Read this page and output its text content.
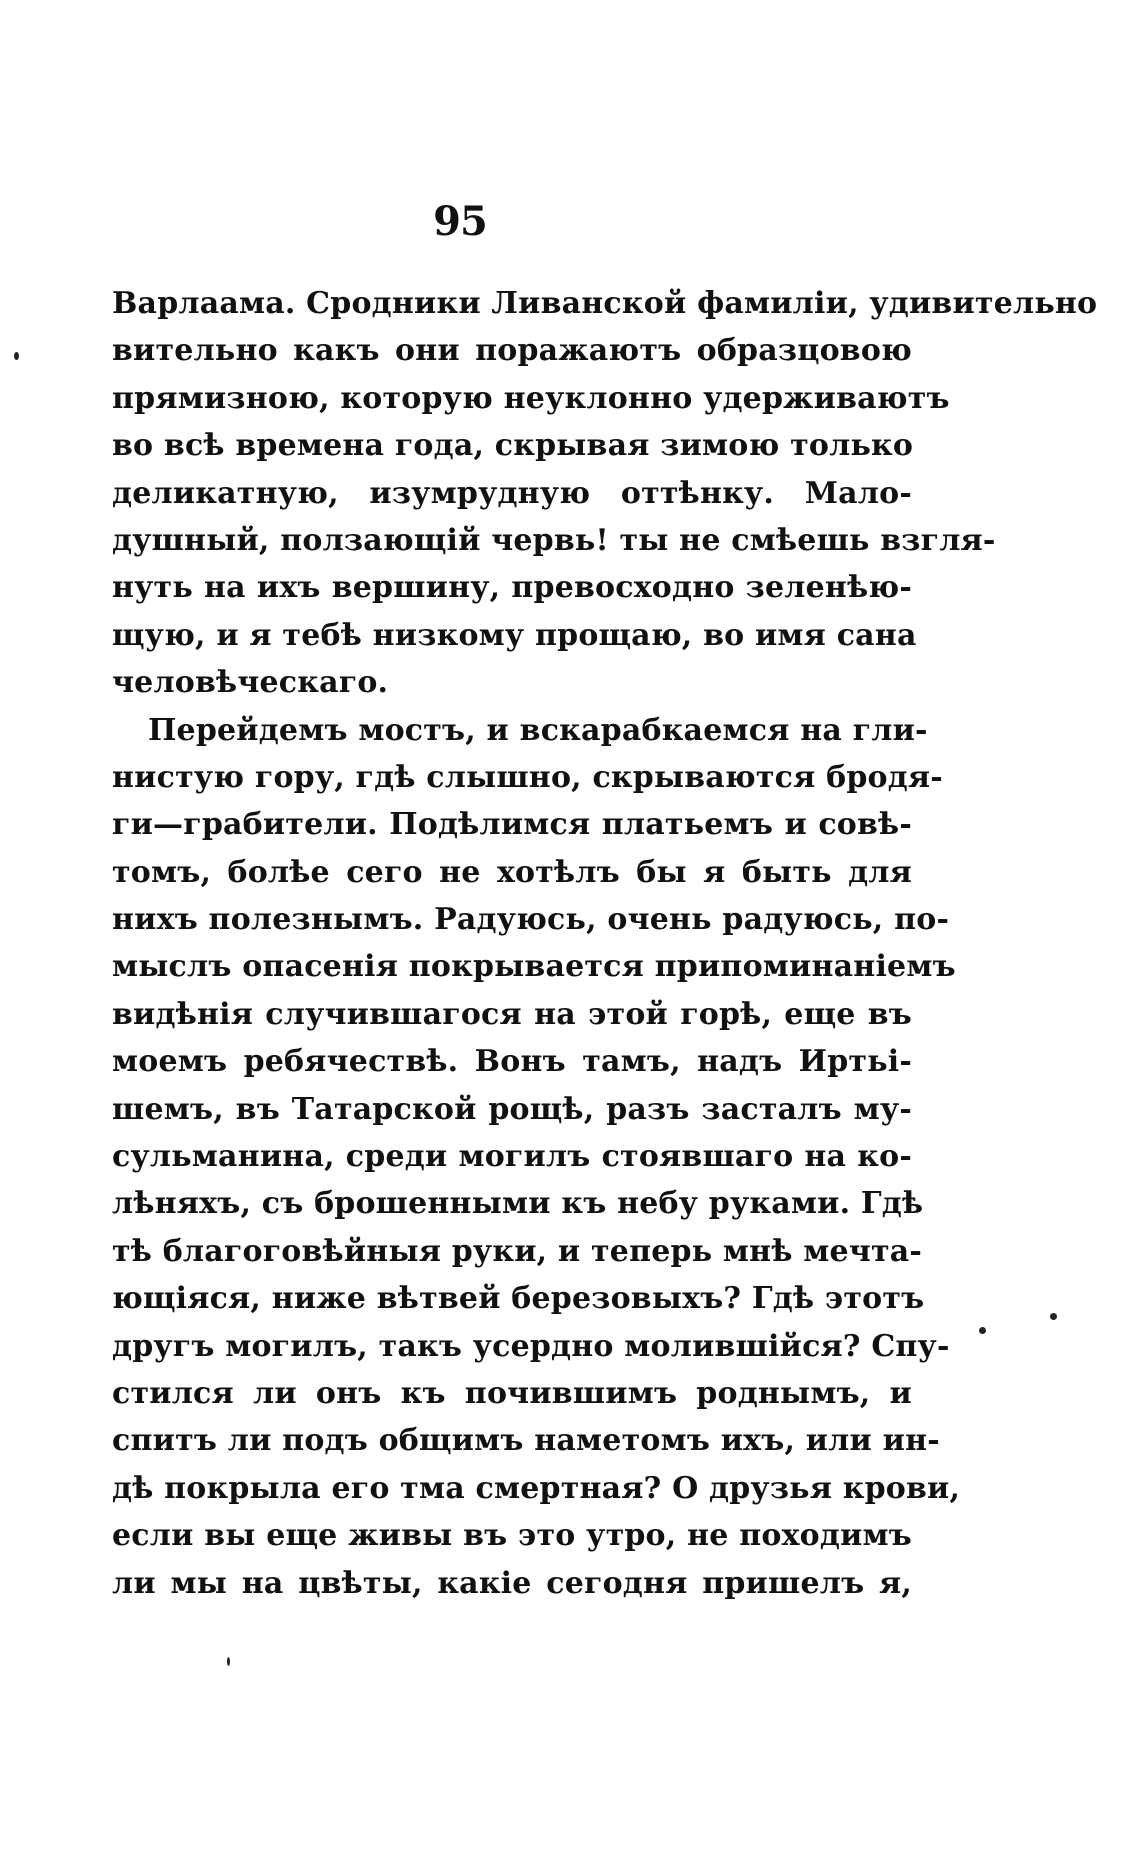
95
Варлаама. Сродники Ливанской фамиліи, удивительно
вительно какъ они поражаютъ образцовою
прямизною, которую неуклонно удерживаютъ
во всѣ времена года, скрывая зимою только
деликатную, изумрудную оттѣнку. Мало-
душный, ползающій червь! ты не смѣешь взгля-
нуть на ихъ вершину, превосходно зеленѣю-
щую, и я тебѣ низкому прощаю, во имя сана
человѣческаго.
Перейдемъ мостъ, и вскарабкаемся на гли-
нистую гору, гдѣ слышно, скрываются бродя-
ги—грабители. Подѣлимся платьемъ и совѣ-
томъ, болѣе сего не хотѣлъ бы я быть для
нихъ полезнымъ. Радуюсь, очень радуюсь, по-
мыслъ опасенія покрывается припоминаніемъ
видѣнія случившагося на этой горѣ, еще въ
моемъ ребячествѣ. Вонъ тамъ, надъ Иртьі-
шемъ, въ Татарской рощѣ, разъ засталъ му-
сульманина, среди могилъ стоявшаго на ко-
лѣняхъ, съ брошенными къ небу руками. Гдѣ
тѣ благоговѣйныя руки, и теперь мнѣ мечта-
ющіяся, ниже вѣтвей березовыхъ? Гдѣ этотъ
другъ могилъ, такъ усердно молившійся? Спу-
стился ли онъ къ почившимъ роднымъ, и
спитъ ли подъ общимъ наметомъ ихъ, или ин-
дѣ покрыла его тма смертная? О друзья крови,
если вы еще живы въ это утро, не походимъ
ли мы на цвѣты, какіе сегодня пришелъ я,
